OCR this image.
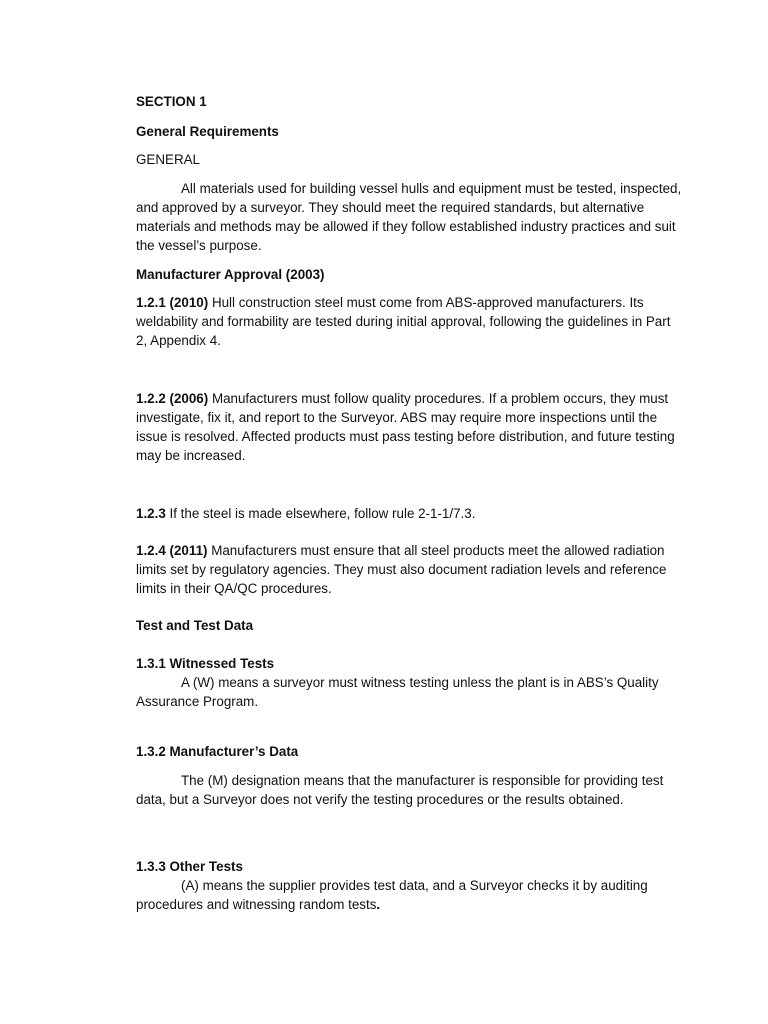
SECTION 1

General Requirements

GENERAL

All materials used for building vessel hulls and equipment must be tested, inspected, and approved by a surveyor. They should meet the required standards, but alternative materials and methods may be allowed if they follow established industry practices and suit the vessel’s purpose.

Manufacturer Approval (2003)

1.2.1 (2010) Hull construction steel must come from ABS-approved manufacturers. Its weldability and formability are tested during initial approval, following the guidelines in Part 2, Appendix 4.

1.2.2 (2006) Manufacturers must follow quality procedures. If a problem occurs, they must investigate, fix it, and report to the Surveyor. ABS may require more inspections until the issue is resolved. Affected products must pass testing before distribution, and future testing may be increased.

1.2.3 If the steel is made elsewhere, follow rule 2-1-1/7.3.

1.2.4 (2011) Manufacturers must ensure that all steel products meet the allowed radiation limits set by regulatory agencies. They must also document radiation levels and reference limits in their QA/QC procedures.

Test and Test Data

1.3.1 Witnessed Tests

A (W) means a surveyor must witness testing unless the plant is in ABS’s Quality Assurance Program.

1.3.2 Manufacturer’s Data

The (M) designation means that the manufacturer is responsible for providing test data, but a Surveyor does not verify the testing procedures or the results obtained.

1.3.3 Other Tests

(A) means the supplier provides test data, and a Surveyor checks it by auditing procedures and witnessing random tests.
